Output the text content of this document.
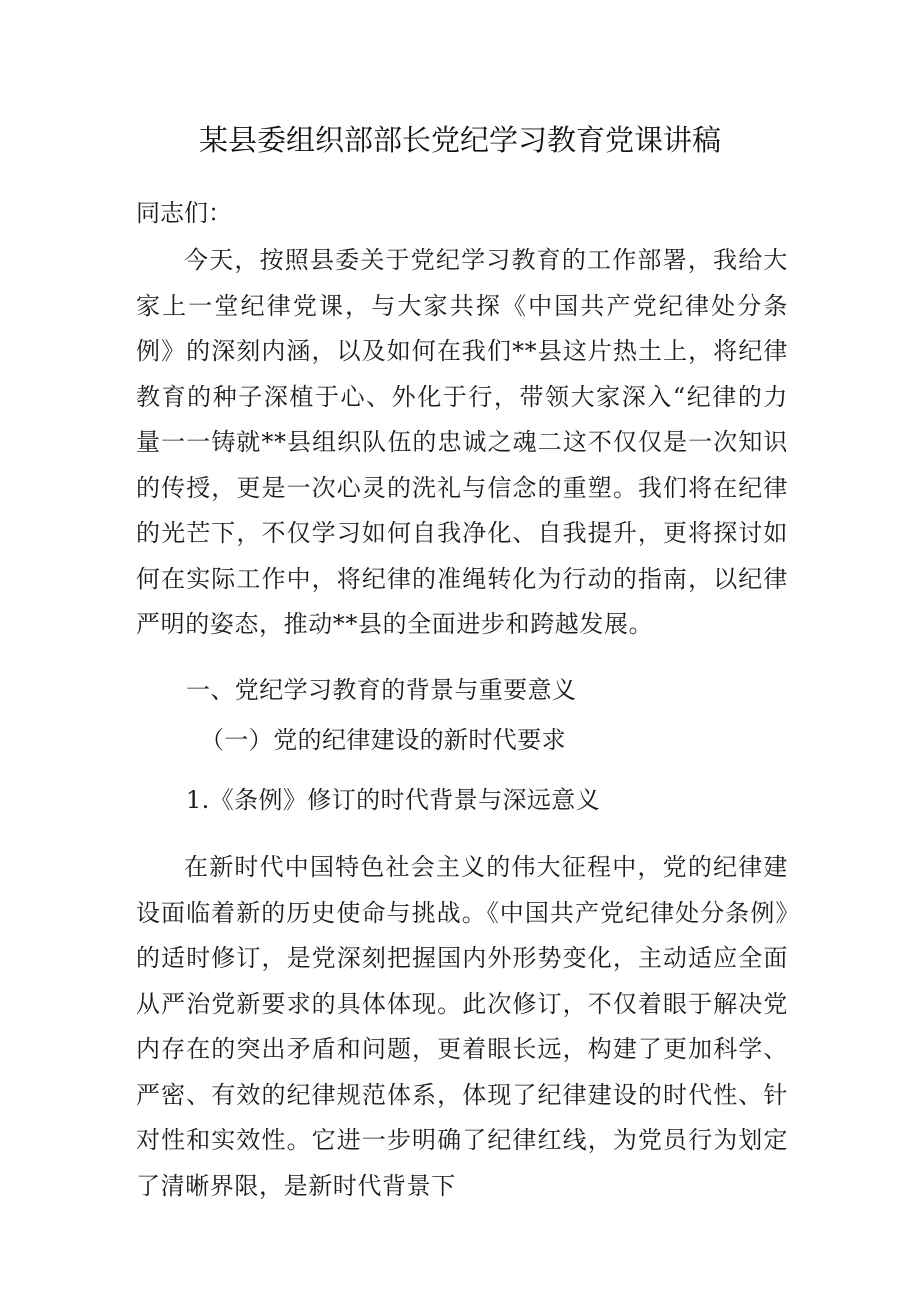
某县委组织部部长党纪学习教育党课讲稿

同志们：

今天，按照县委关于党纪学习教育的工作部署，我给大家上一堂纪律党课，与大家共探《中国共产党纪律处分条例》的深刻内涵，以及如何在我们**县这片热土上，将纪律教育的种子深植于心、外化于行，带领大家深入“纪律的力量一一铸就**县组织队伍的忠诚之魂二这不仅仅是一次知识的传授，更是一次心灵的洗礼与信念的重塑。我们将在纪律的光芒下，不仅学习如何自我净化、自我提升，更将探讨如何在实际工作中，将纪律的准绳转化为行动的指南，以纪律严明的姿态，推动**县的全面进步和跨越发展。

一、党纪学习教育的背景与重要意义

（一）党的纪律建设的新时代要求

1.《条例》修订的时代背景与深远意义

在新时代中国特色社会主义的伟大征程中，党的纪律建设面临着新的历史使命与挑战。《中国共产党纪律处分条例》的适时修订，是党深刻把握国内外形势变化，主动适应全面从严治党新要求的具体体现。此次修订，不仅着眼于解决党内存在的突出矛盾和问题，更着眼长远，构建了更加科学、严密、有效的纪律规范体系，体现了纪律建设的时代性、针对性和实效性。它进一步明确了纪律红线，为党员行为划定了清晰界限，是新时代背景下
